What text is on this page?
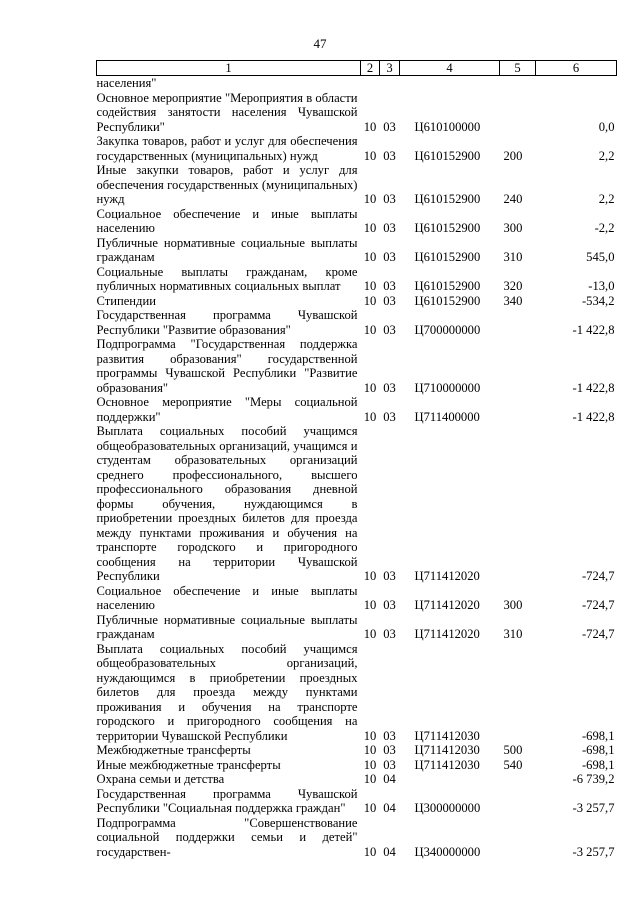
47
1	2	3	4	5	6
населения"					
Основное мероприятие "Мероприятия в области содействия занятости населения Чувашской Республики"	10	03	Ц610100000		0,0
Закупка товаров, работ и услуг для обеспечения государственных (муниципальных) нужд	10	03	Ц610152900	200	2,2
Иные закупки товаров, работ и услуг для обеспечения государственных (муниципальных) нужд	10	03	Ц610152900	240	2,2
Социальное обеспечение и иные выплаты населению	10	03	Ц610152900	300	-2,2
Публичные нормативные социальные выплаты гражданам	10	03	Ц610152900	310	545,0
Социальные выплаты гражданам, кроме публичных нормативных социальных выплат	10	03	Ц610152900	320	-13,0
Стипендии	10	03	Ц610152900	340	-534,2
Государственная программа Чувашской Республики "Развитие образования"	10	03	Ц700000000		-1 422,8
Подпрограмма "Государственная поддержка развития образования" государственной программы Чувашской Республики "Развитие образования"	10	03	Ц710000000		-1 422,8
Основное мероприятие "Меры социальной поддержки"	10	03	Ц711400000		-1 422,8
Выплата социальных пособий учащимся общеобразовательных организаций, учащимся и студентам образовательных организаций среднего профессионального, высшего профессионального образования дневной формы обучения, нуждающимся в приобретении проездных билетов для проезда между пунктами проживания и обучения на транспорте городского и пригородного сообщения на территории Чувашской Республики	10	03	Ц711412020		-724,7
Социальное обеспечение и иные выплаты населению	10	03	Ц711412020	300	-724,7
Публичные нормативные социальные выплаты гражданам	10	03	Ц711412020	310	-724,7
Выплата социальных пособий учащимся общеобразовательных организаций, нуждающимся в приобретении проездных билетов для проезда между пунктами проживания и обучения на транспорте городского и пригородного сообщения на территории Чувашской Республики	10	03	Ц711412030		-698,1
Межбюджетные трансферты	10	03	Ц711412030	500	-698,1
Иные межбюджетные трансферты	10	03	Ц711412030	540	-698,1
Охрана семьи и детства	10	04			-6 739,2
Государственная программа Чувашской Республики "Социальная поддержка граждан"	10	04	Ц300000000		-3 257,7
Подпрограмма "Совершенствование социальной поддержки семьи и детей" государствен-	10	04	Ц340000000		-3 257,7
